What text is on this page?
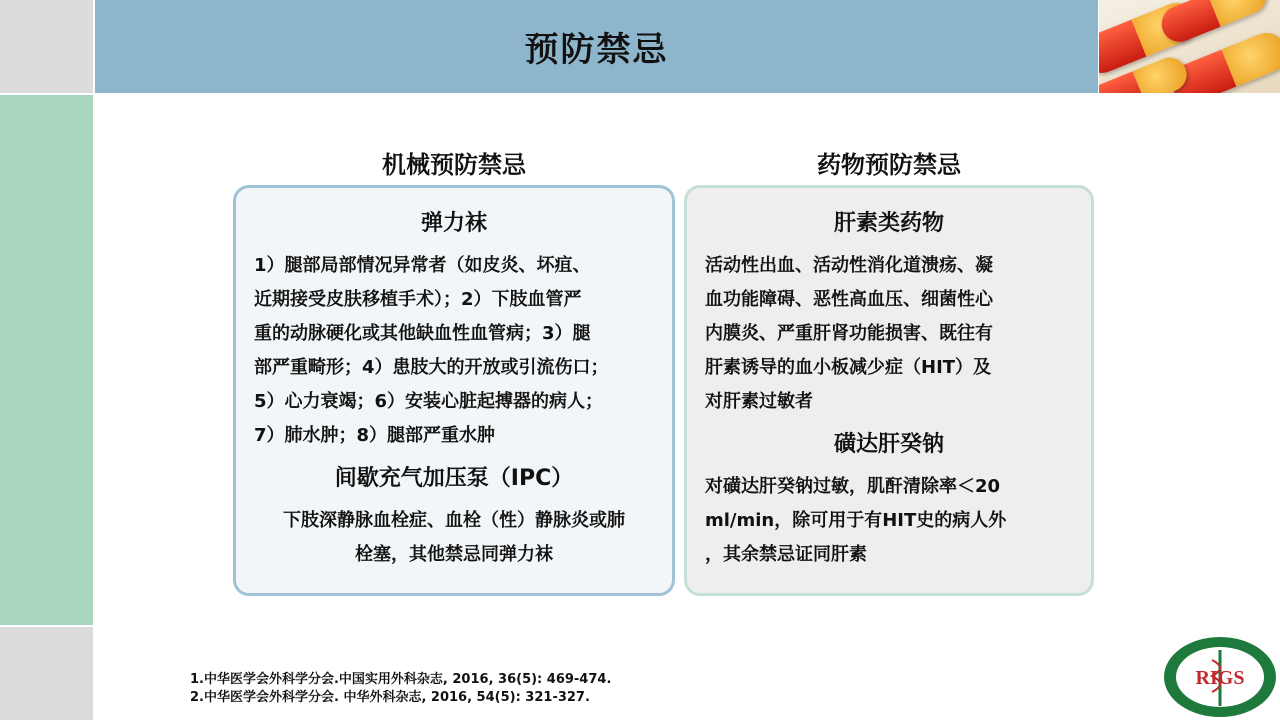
预防禁忌
机械预防禁忌	药物预防禁忌
弹力袜
1）腿部局部情况异常者（如皮炎、坏疽、
近期接受皮肤移植手术）；2）下肢血管严
重的动脉硬化或其他缺血性血管病；3）腿
部严重畸形；4）患肢大的开放或引流伤口；
5）心力衰竭；6）安装心脏起搏器的病人；
7）肺水肿；8）腿部严重水肿
间歇充气加压泵（IPC）
下肢深静脉血栓症、血栓（性）静脉炎或肺
栓塞，其他禁忌同弹力袜
肝素类药物
活动性出血、活动性消化道溃疡、凝
血功能障碍、恶性高血压、细菌性心
内膜炎、严重肝肾功能损害、既往有
肝素诱导的血小板减少症（HIT）及
对肝素过敏者
磺达肝癸钠
对磺达肝癸钠过敏，肌酐清除率＜20
ml/min，除可用于有HIT史的病人外
，其余禁忌证同肝素
1.中华医学会外科学分会.中国实用外科杂志, 2016, 36(5): 469-474.
2.中华医学会外科学分会. 中华外科杂志, 2016, 54(5): 321-327.
RIGS
